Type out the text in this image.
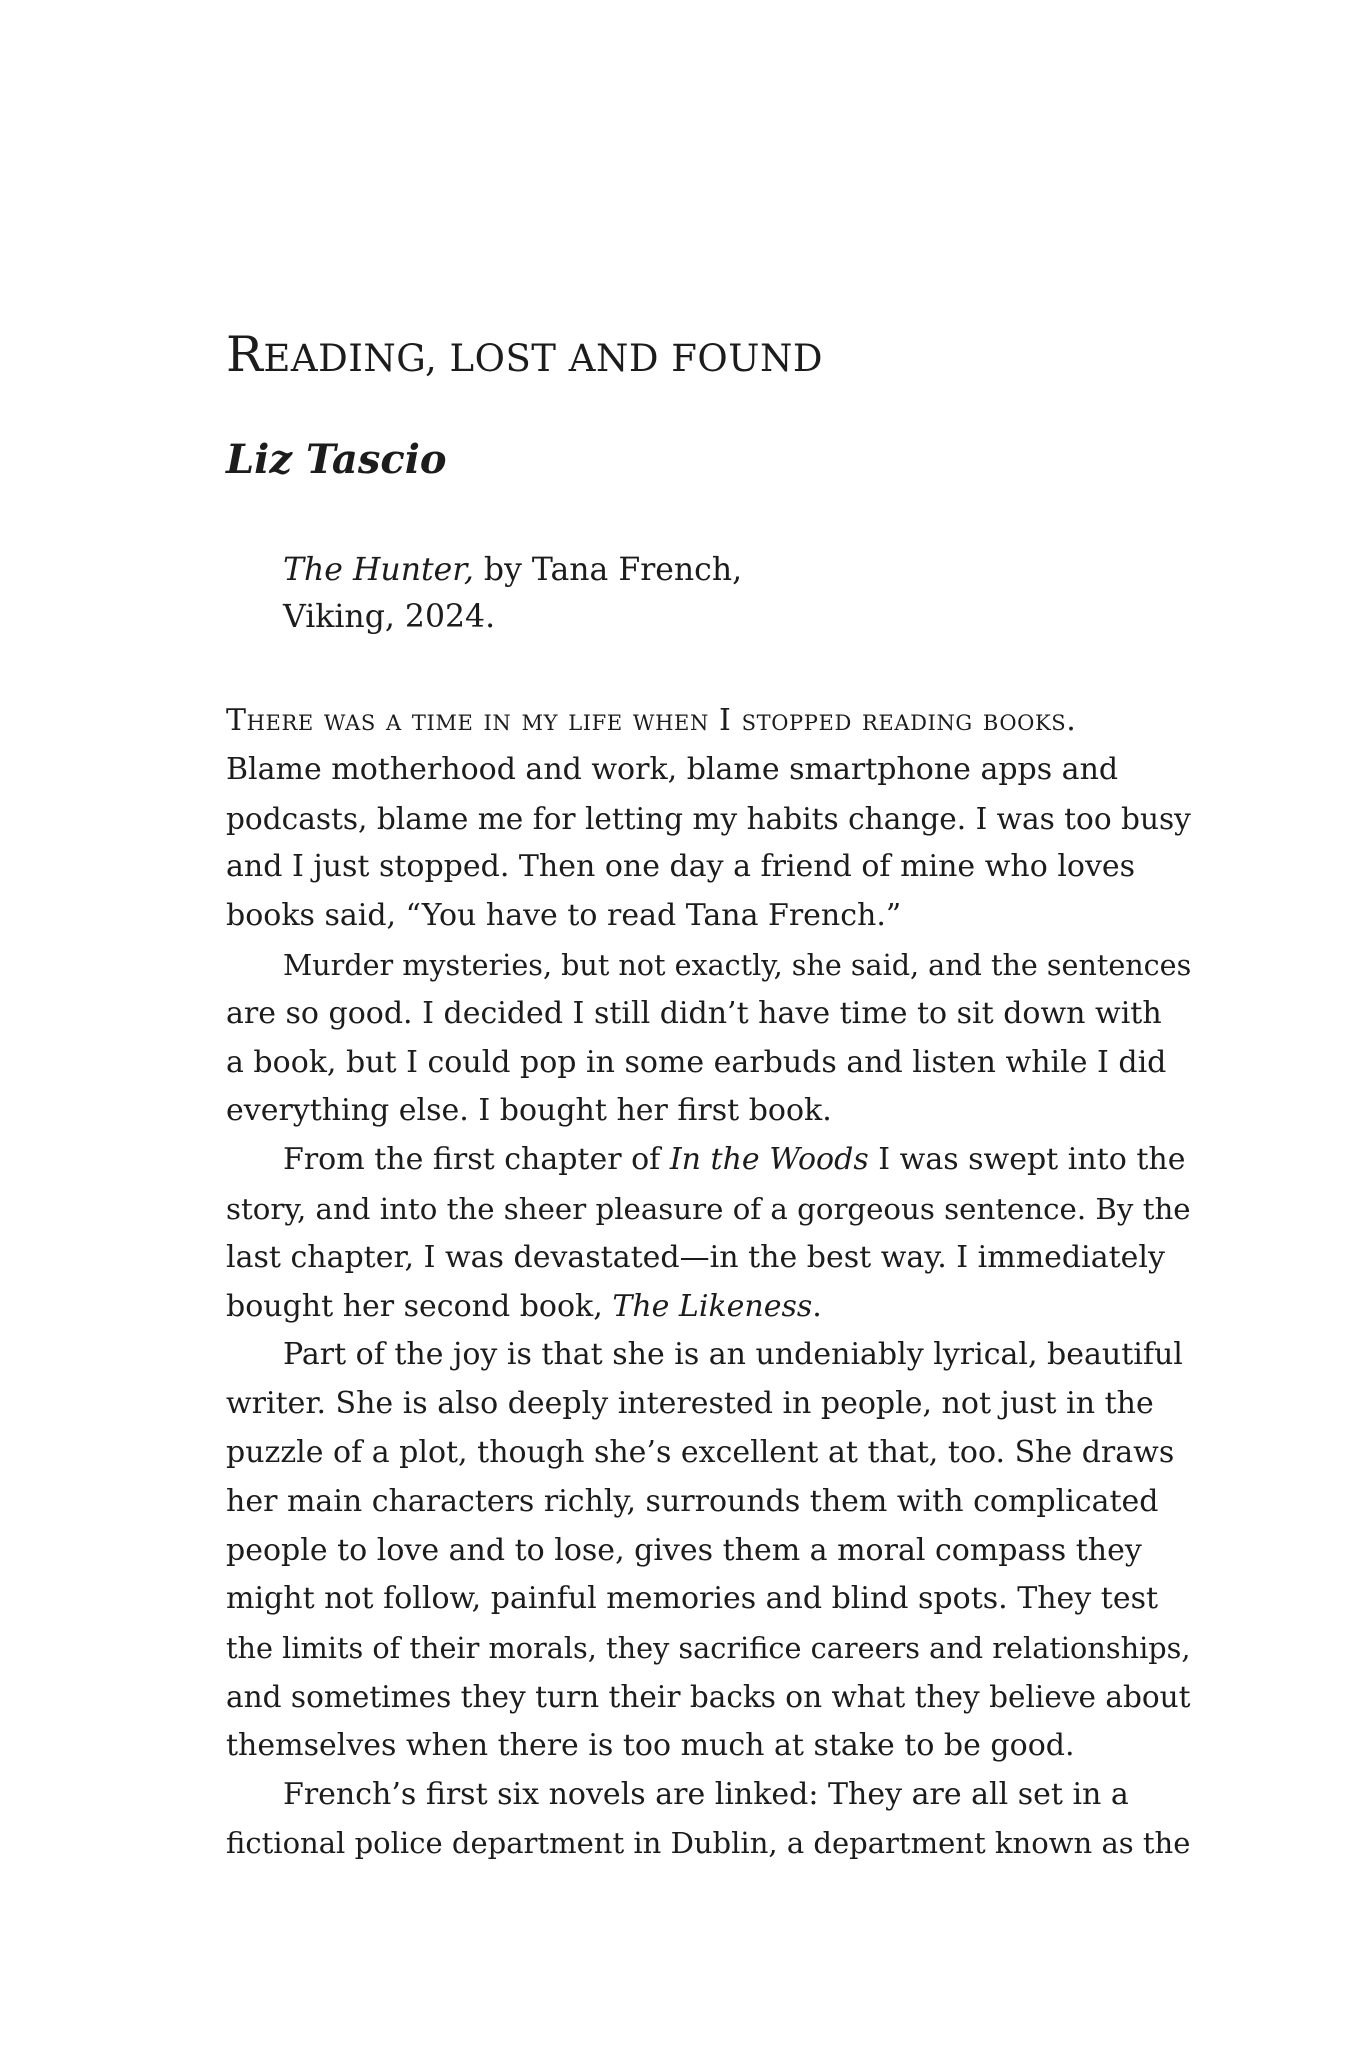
READING, LOST AND FOUND
Liz Tascio
The Hunter, by Tana French,
Viking, 2024.
There was a time in my life when I stopped reading books.
Blame motherhood and work, blame smartphone apps and
podcasts, blame me for letting my habits change. I was too busy
and I just stopped. Then one day a friend of mine who loves
books said, “You have to read Tana French.”
Murder mysteries, but not exactly, she said, and the sentences
are so good. I decided I still didn’t have time to sit down with
a book, but I could pop in some earbuds and listen while I did
everything else. I bought her first book.
From the first chapter of In the Woods I was swept into the
story, and into the sheer pleasure of a gorgeous sentence. By the
last chapter, I was devastated—in the best way. I immediately
bought her second book, The Likeness.
Part of the joy is that she is an undeniably lyrical, beautiful
writer. She is also deeply interested in people, not just in the
puzzle of a plot, though she’s excellent at that, too. She draws
her main characters richly, surrounds them with complicated
people to love and to lose, gives them a moral compass they
might not follow, painful memories and blind spots. They test
the limits of their morals, they sacrifice careers and relationships,
and sometimes they turn their backs on what they believe about
themselves when there is too much at stake to be good.
French’s first six novels are linked: They are all set in a
fictional police department in Dublin, a department known as the
